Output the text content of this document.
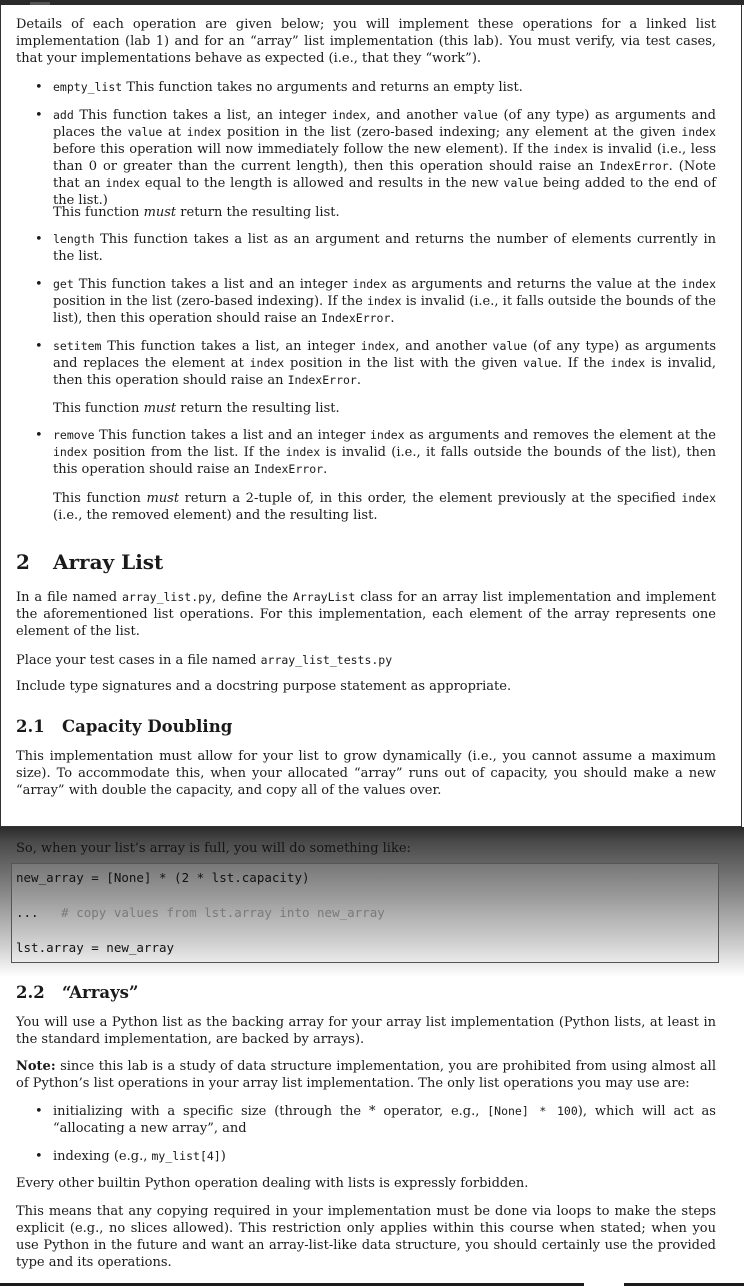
Details of each operation are given below; you will implement these operations for a linked list implementation (lab 1) and for an “array” list implementation (this lab). You must verify, via test cases, that your implementations behave as expected (i.e., that they “work”).

• empty_list This function takes no arguments and returns an empty list.

• add This function takes a list, an integer index, and another value (of any type) as arguments and places the value at index position in the list (zero-based indexing; any element at the given index before this operation will now immediately follow the new element). If the index is invalid (i.e., less than 0 or greater than the current length), then this operation should raise an IndexError. (Note that an index equal to the length is allowed and results in the new value being added to the end of the list.)

This function must return the resulting list.

• length This function takes a list as an argument and returns the number of elements currently in the list.

• get This function takes a list and an integer index as arguments and returns the value at the index position in the list (zero-based indexing). If the index is invalid (i.e., it falls outside the bounds of the list), then this operation should raise an IndexError.

• setitem This function takes a list, an integer index, and another value (of any type) as arguments and replaces the element at index position in the list with the given value. If the index is invalid, then this operation should raise an IndexError.

This function must return the resulting list.

• remove This function takes a list and an integer index as arguments and removes the element at the index position from the list. If the index is invalid (i.e., it falls outside the bounds of the list), then this operation should raise an IndexError.

This function must return a 2-tuple of, in this order, the element previously at the specified index (i.e., the removed element) and the resulting list.

2 Array List

In a file named array_list.py, define the ArrayList class for an array list implementation and implement the aforementioned list operations. For this implementation, each element of the array represents one element of the list.

Place your test cases in a file named array_list_tests.py

Include type signatures and a docstring purpose statement as appropriate.

2.1 Capacity Doubling

This implementation must allow for your list to grow dynamically (i.e., you cannot assume a maximum size). To accommodate this, when your allocated “array” runs out of capacity, you should make a new “array” with double the capacity, and copy all of the values over.

So, when your list’s array is full, you will do something like:

new_array = [None] * (2 * lst.capacity)
... # copy values from lst.array into new_array
lst.array = new_array
2.2 “Arrays”

You will use a Python list as the backing array for your array list implementation (Python lists, at least in the standard implementation, are backed by arrays).

Note: since this lab is a study of data structure implementation, you are prohibited from using almost all of Python’s list operations in your array list implementation. The only list operations you may use are:

• initializing with a specific size (through the * operator, e.g., [None] * 100), which will act as “allocating a new array”, and

• indexing (e.g., my_list[4])

Every other builtin Python operation dealing with lists is expressly forbidden.

This means that any copying required in your implementation must be done via loops to make the steps explicit (e.g., no slices allowed). This restriction only applies within this course when stated; when you use Python in the future and want an array-list-like data structure, you should certainly use the provided type and its operations.
